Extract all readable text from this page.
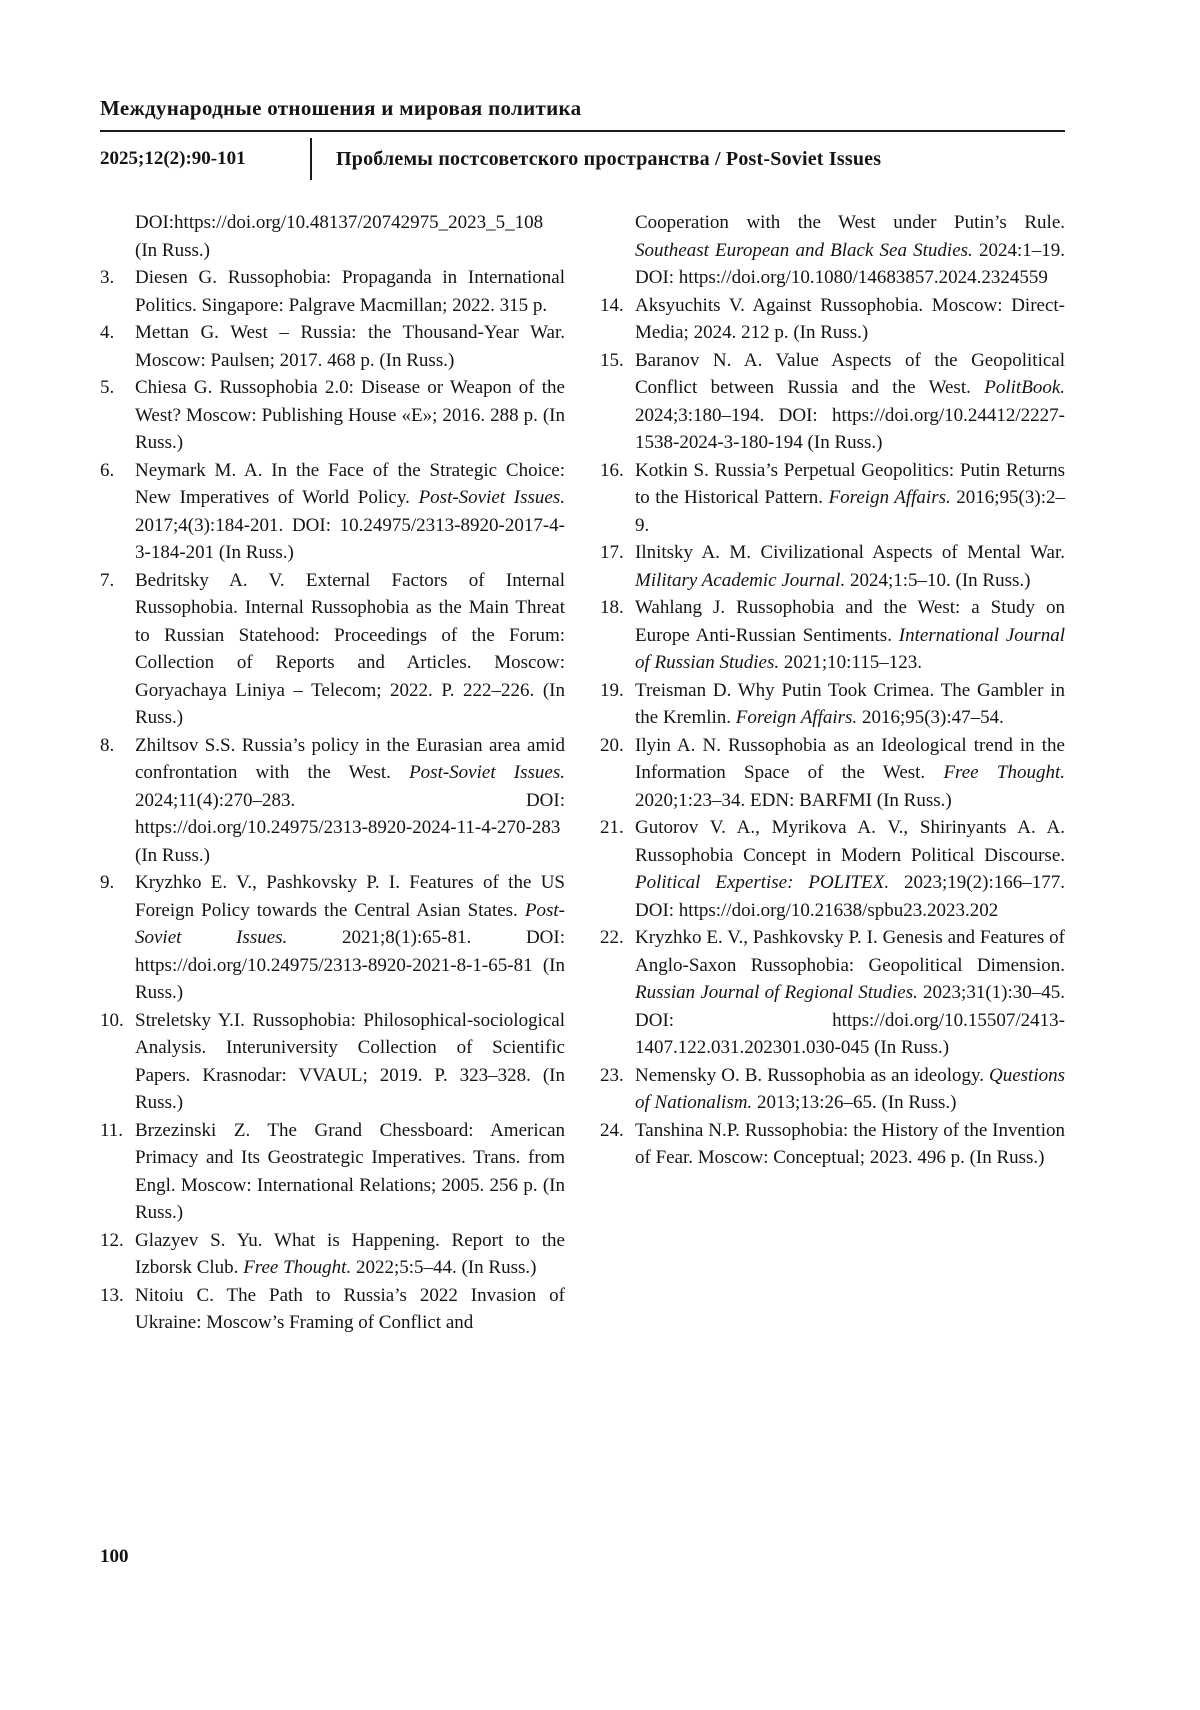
Международные отношения и мировая политика
2025;12(2):90-101	Проблемы постсоветского пространства / Post-Soviet Issues
DOI:https://doi.org/10.48137/20742975_2023_5_108 (In Russ.)
3.	Diesen G. Russophobia: Propaganda in International Politics. Singapore: Palgrave Macmillan; 2022. 315 p.
4.	Mettan G. West – Russia: the Thousand-Year War. Moscow: Paulsen; 2017. 468 p. (In Russ.)
5.	Chiesa G. Russophobia 2.0: Disease or Weapon of the West? Moscow: Publishing House «Е»; 2016. 288 p. (In Russ.)
6.	Neymark M. A. In the Face of the Strategic Choice: New Imperatives of World Policy. Post-Soviet Issues. 2017;4(3):184-201. DOI: 10.24975/2313-8920-2017-4-3-184-201 (In Russ.)
7.	Bedritsky A. V. External Factors of Internal Russophobia. Internal Russophobia as the Main Threat to Russian Statehood: Proceedings of the Forum: Collection of Reports and Articles. Moscow: Goryachaya Liniya – Telecom; 2022. P. 222–226. (In Russ.)
8.	Zhiltsov S.S. Russia’s policy in the Eurasian area amid confrontation with the West. Post-Soviet Issues. 2024;11(4):270–283. DOI: https://doi.org/10.24975/2313-8920-2024-11-4-270-283 (In Russ.)
9.	Kryzhko E. V., Pashkovsky P. I. Features of the US Foreign Policy towards the Central Asian States. Post-Soviet Issues. 2021;8(1):65-81. DOI: https://doi.org/10.24975/2313-8920-2021-8-1-65-81 (In Russ.)
10. Streletsky Y.I. Russophobia: Philosophical-sociological Analysis. Interuniversity Collection of Scientific Papers. Krasnodar: VVAUL; 2019. P. 323–328. (In Russ.)
11. Brzezinski Z. The Grand Chessboard: American Primacy and Its Geostrategic Imperatives. Trans. from Engl. Moscow: International Relations; 2005. 256 p. (In Russ.)
12. Glazyev S. Yu. What is Happening. Report to the Izborsk Club. Free Thought. 2022;5:5–44. (In Russ.)
13. Nitoiu C. The Path to Russia’s 2022 Invasion of Ukraine: Moscow’s Framing of Conflict and
Cooperation with the West under Putin’s Rule. Southeast European and Black Sea Studies. 2024:1–19. DOI: https://doi.org/10.1080/14683857.2024.2324559
14. Aksyuchits V. Against Russophobia. Moscow: Direct-Media; 2024. 212 p. (In Russ.)
15. Baranov N. A. Value Aspects of the Geopolitical Conflict between Russia and the West. PolitBook. 2024;3:180–194. DOI: https://doi.org/10.24412/2227-1538-2024-3-180-194 (In Russ.)
16. Kotkin S. Russia’s Perpetual Geopolitics: Putin Returns to the Historical Pattern. Foreign Affairs. 2016;95(3):2–9.
17. Ilnitsky A. M. Civilizational Aspects of Mental War. Military Academic Journal. 2024;1:5–10. (In Russ.)
18. Wahlang J. Russophobia and the West: a Study on Europe Anti-Russian Sentiments. International Journal of Russian Studies. 2021;10:115–123.
19. Treisman D. Why Putin Took Crimea. The Gambler in the Kremlin. Foreign Affairs. 2016;95(3):47–54.
20. Ilyin A. N. Russophobia as an Ideological trend in the Information Space of the West. Free Thought. 2020;1:23–34. EDN: BARFMI (In Russ.)
21. Gutorov V. A., Myrikova A. V., Shirinyants A. A. Russophobia Concept in Modern Political Discourse. Political Expertise: POLITEX. 2023;19(2):166–177. DOI: https://doi.org/10.21638/spbu23.2023.202
22. Kryzhko E. V., Pashkovsky P. I. Genesis and Features of Anglo-Saxon Russophobia: Geopolitical Dimension. Russian Journal of Regional Studies. 2023;31(1):30–45. DOI: https://doi.org/10.15507/2413-1407.122.031.202301.030-045 (In Russ.)
23. Nemensky O. B. Russophobia as an ideology. Questions of Nationalism. 2013;13:26–65. (In Russ.)
24. Tanshina N.P. Russophobia: the History of the Invention of Fear. Moscow: Conceptual; 2023. 496 p. (In Russ.)
100
